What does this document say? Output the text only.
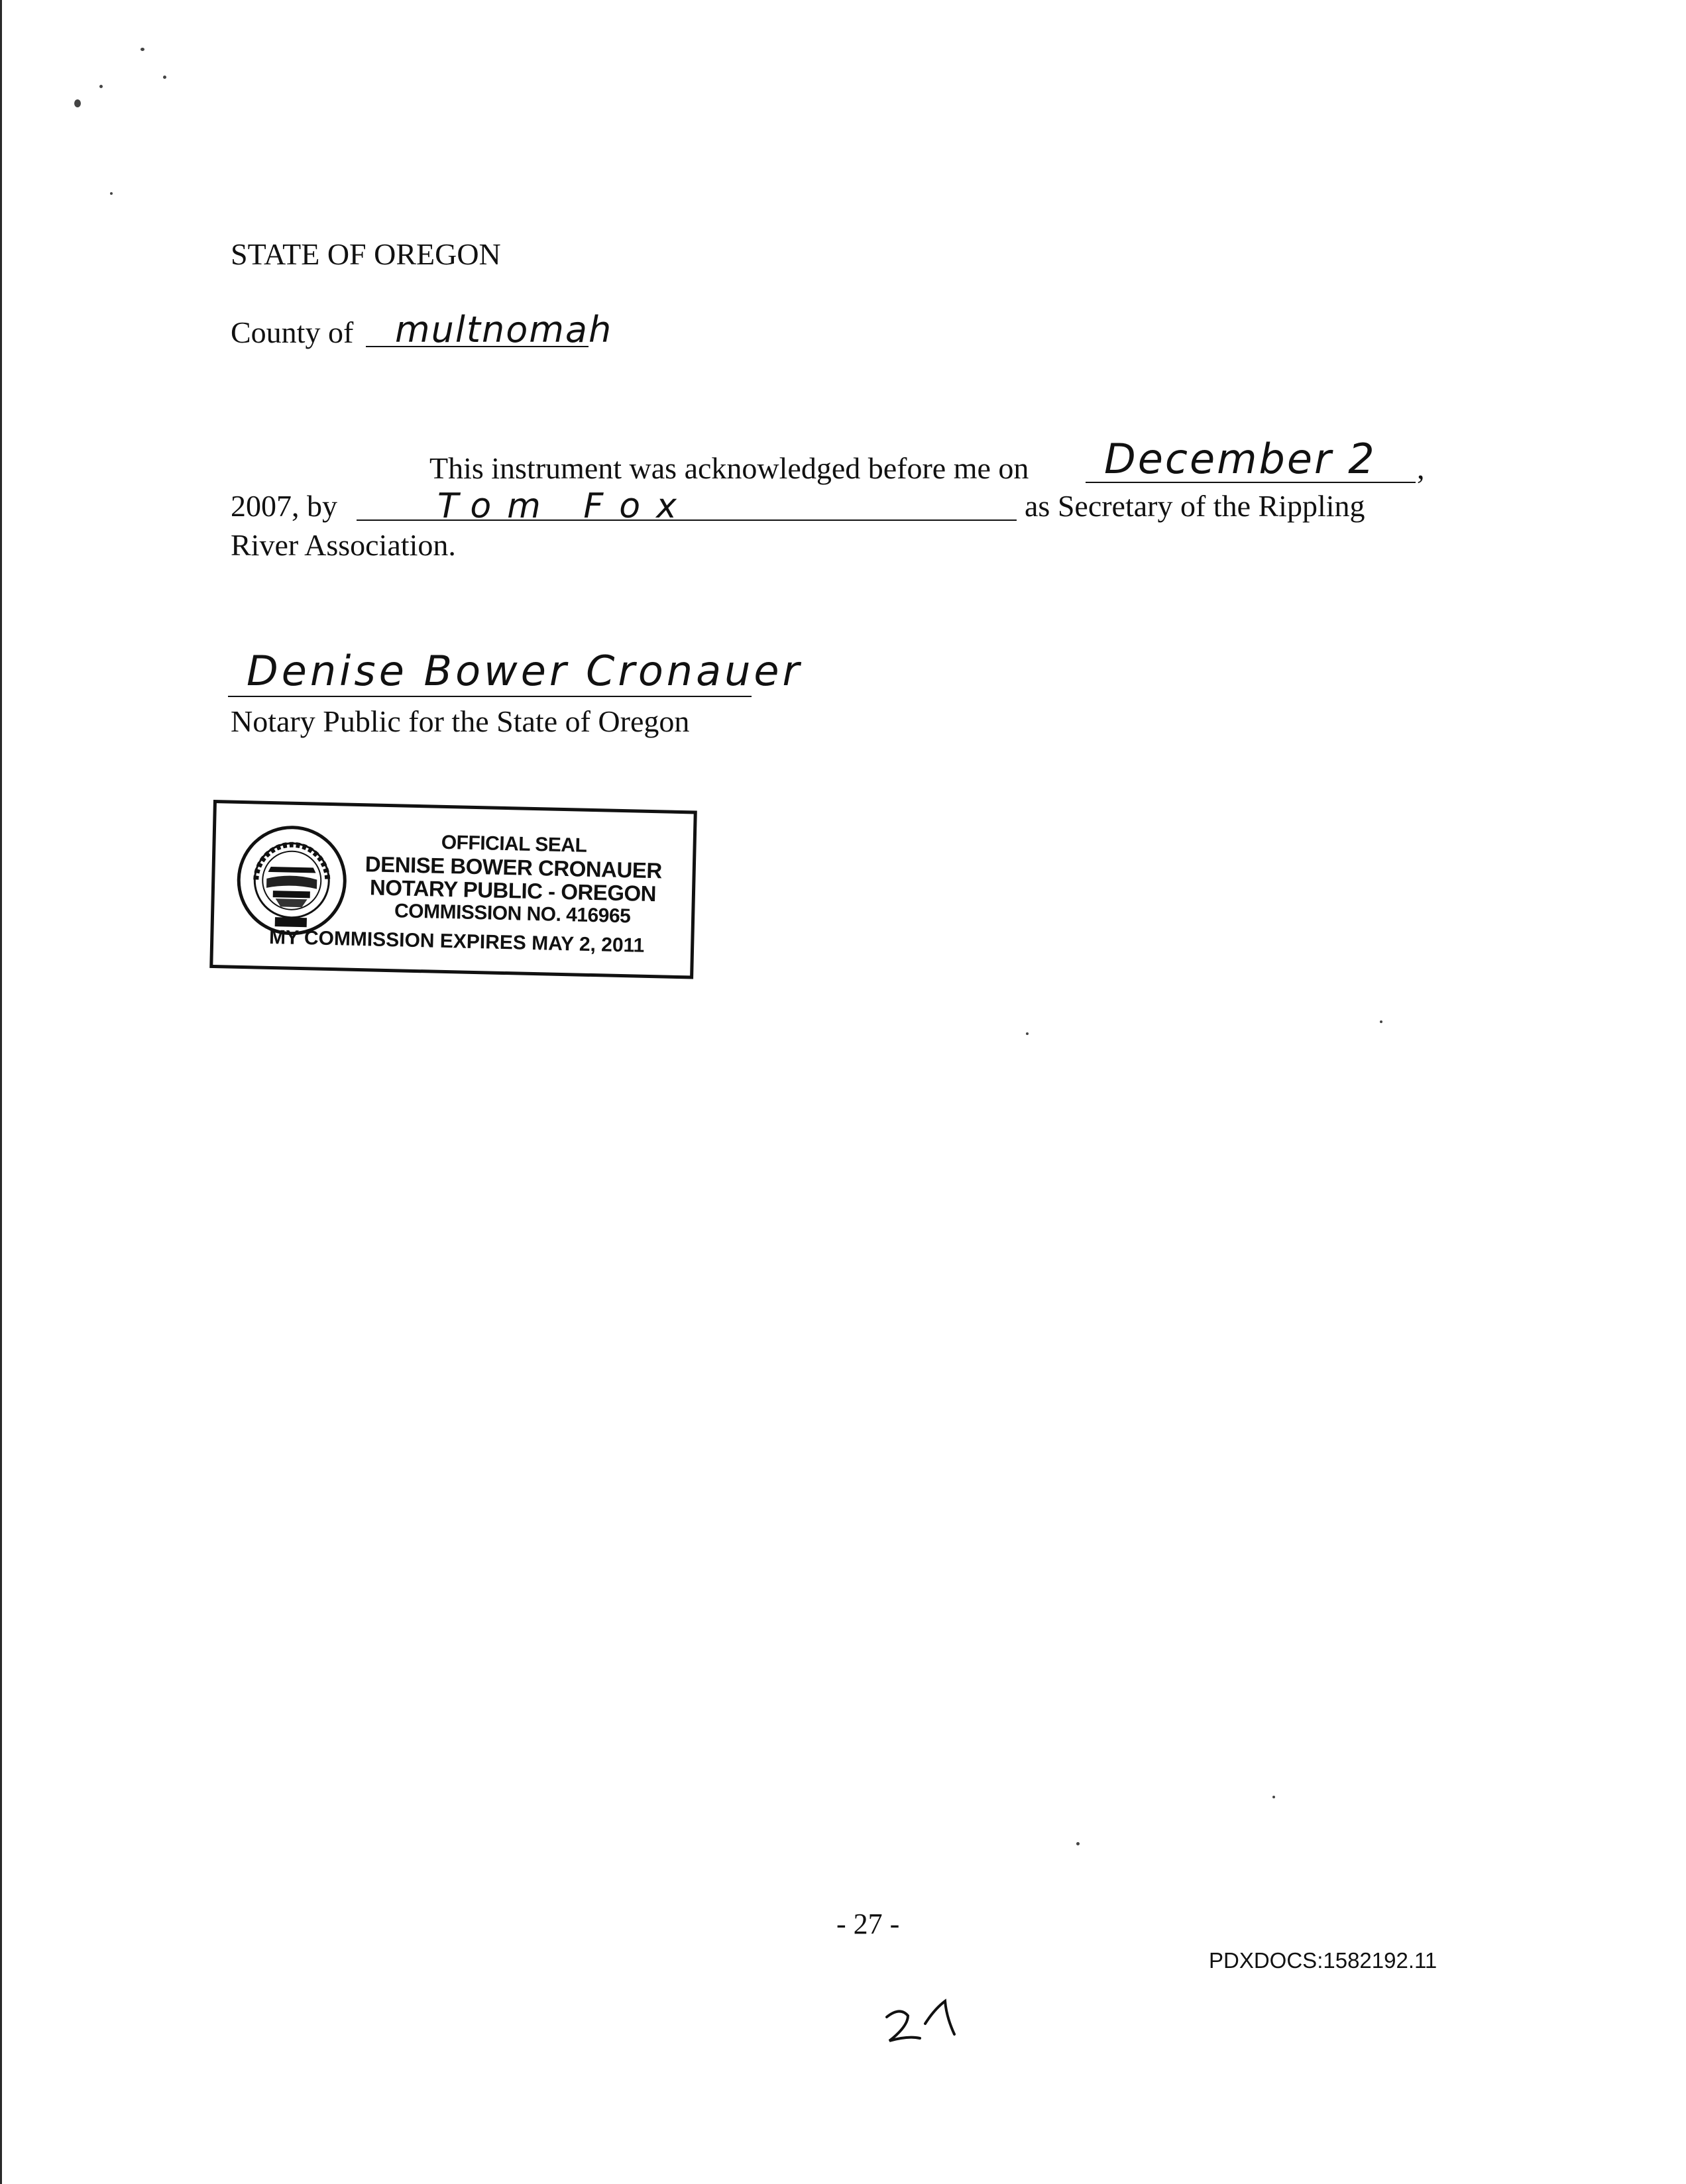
STATE OF OREGON
County of multnomah
This instrument was acknowledged before me on December 2 ,
2007, by	Tom Fox	as Secretary of the Rippling
River Association.
Denise Bower Cronauer
Notary Public for the State of Oregon
OFFICIAL SEAL
DENISE BOWER CRONAUER
NOTARY PUBLIC - OREGON
COMMISSION NO. 416965
MY COMMISSION EXPIRES MAY 2, 2011
- 27 -
PDXDOCS:1582192.11
